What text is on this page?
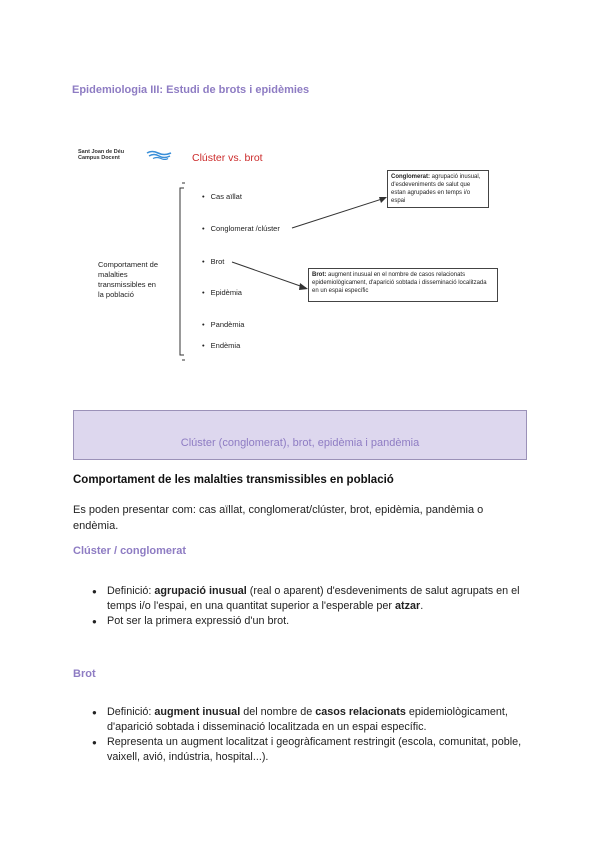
Epidemiologia III: Estudi de brots i epidèmies
Sant Joan de Déu
Campus Docent	Clúster vs. brot
Comportament de
malalties
transmissibles en
la població
• Cas aïllat
• Conglomerat /clúster
• Brot
• Epidèmia
• Pandèmia
• Endèmia
Conglomerat: agrupació inusual, d'esdeveniments de salut que estan agrupades en temps i/o espai
Brot: augment inusual en el nombre de casos relacionats epidemiològicament, d'aparició sobtada i disseminació localitzada en un espai específic
Clúster (conglomerat), brot, epidèmia i pandèmia
Comportament de les malalties transmissibles en població
Es poden presentar com: cas aïllat, conglomerat/clúster, brot, epidèmia, pandèmia o endèmia.
Clúster / conglomerat
● Definició: agrupació inusual (real o aparent) d'esdeveniments de salut agrupats en el temps i/o l'espai, en una quantitat superior a l'esperable per atzar.
● Pot ser la primera expressió d'un brot.
Brot
● Definició: augment inusual del nombre de casos relacionats epidemiològicament, d'aparició sobtada i disseminació localitzada en un espai específic.
● Representa un augment localitzat i geogràficament restringit (escola, comunitat, poble, vaixell, avió, indústria, hospital...).
